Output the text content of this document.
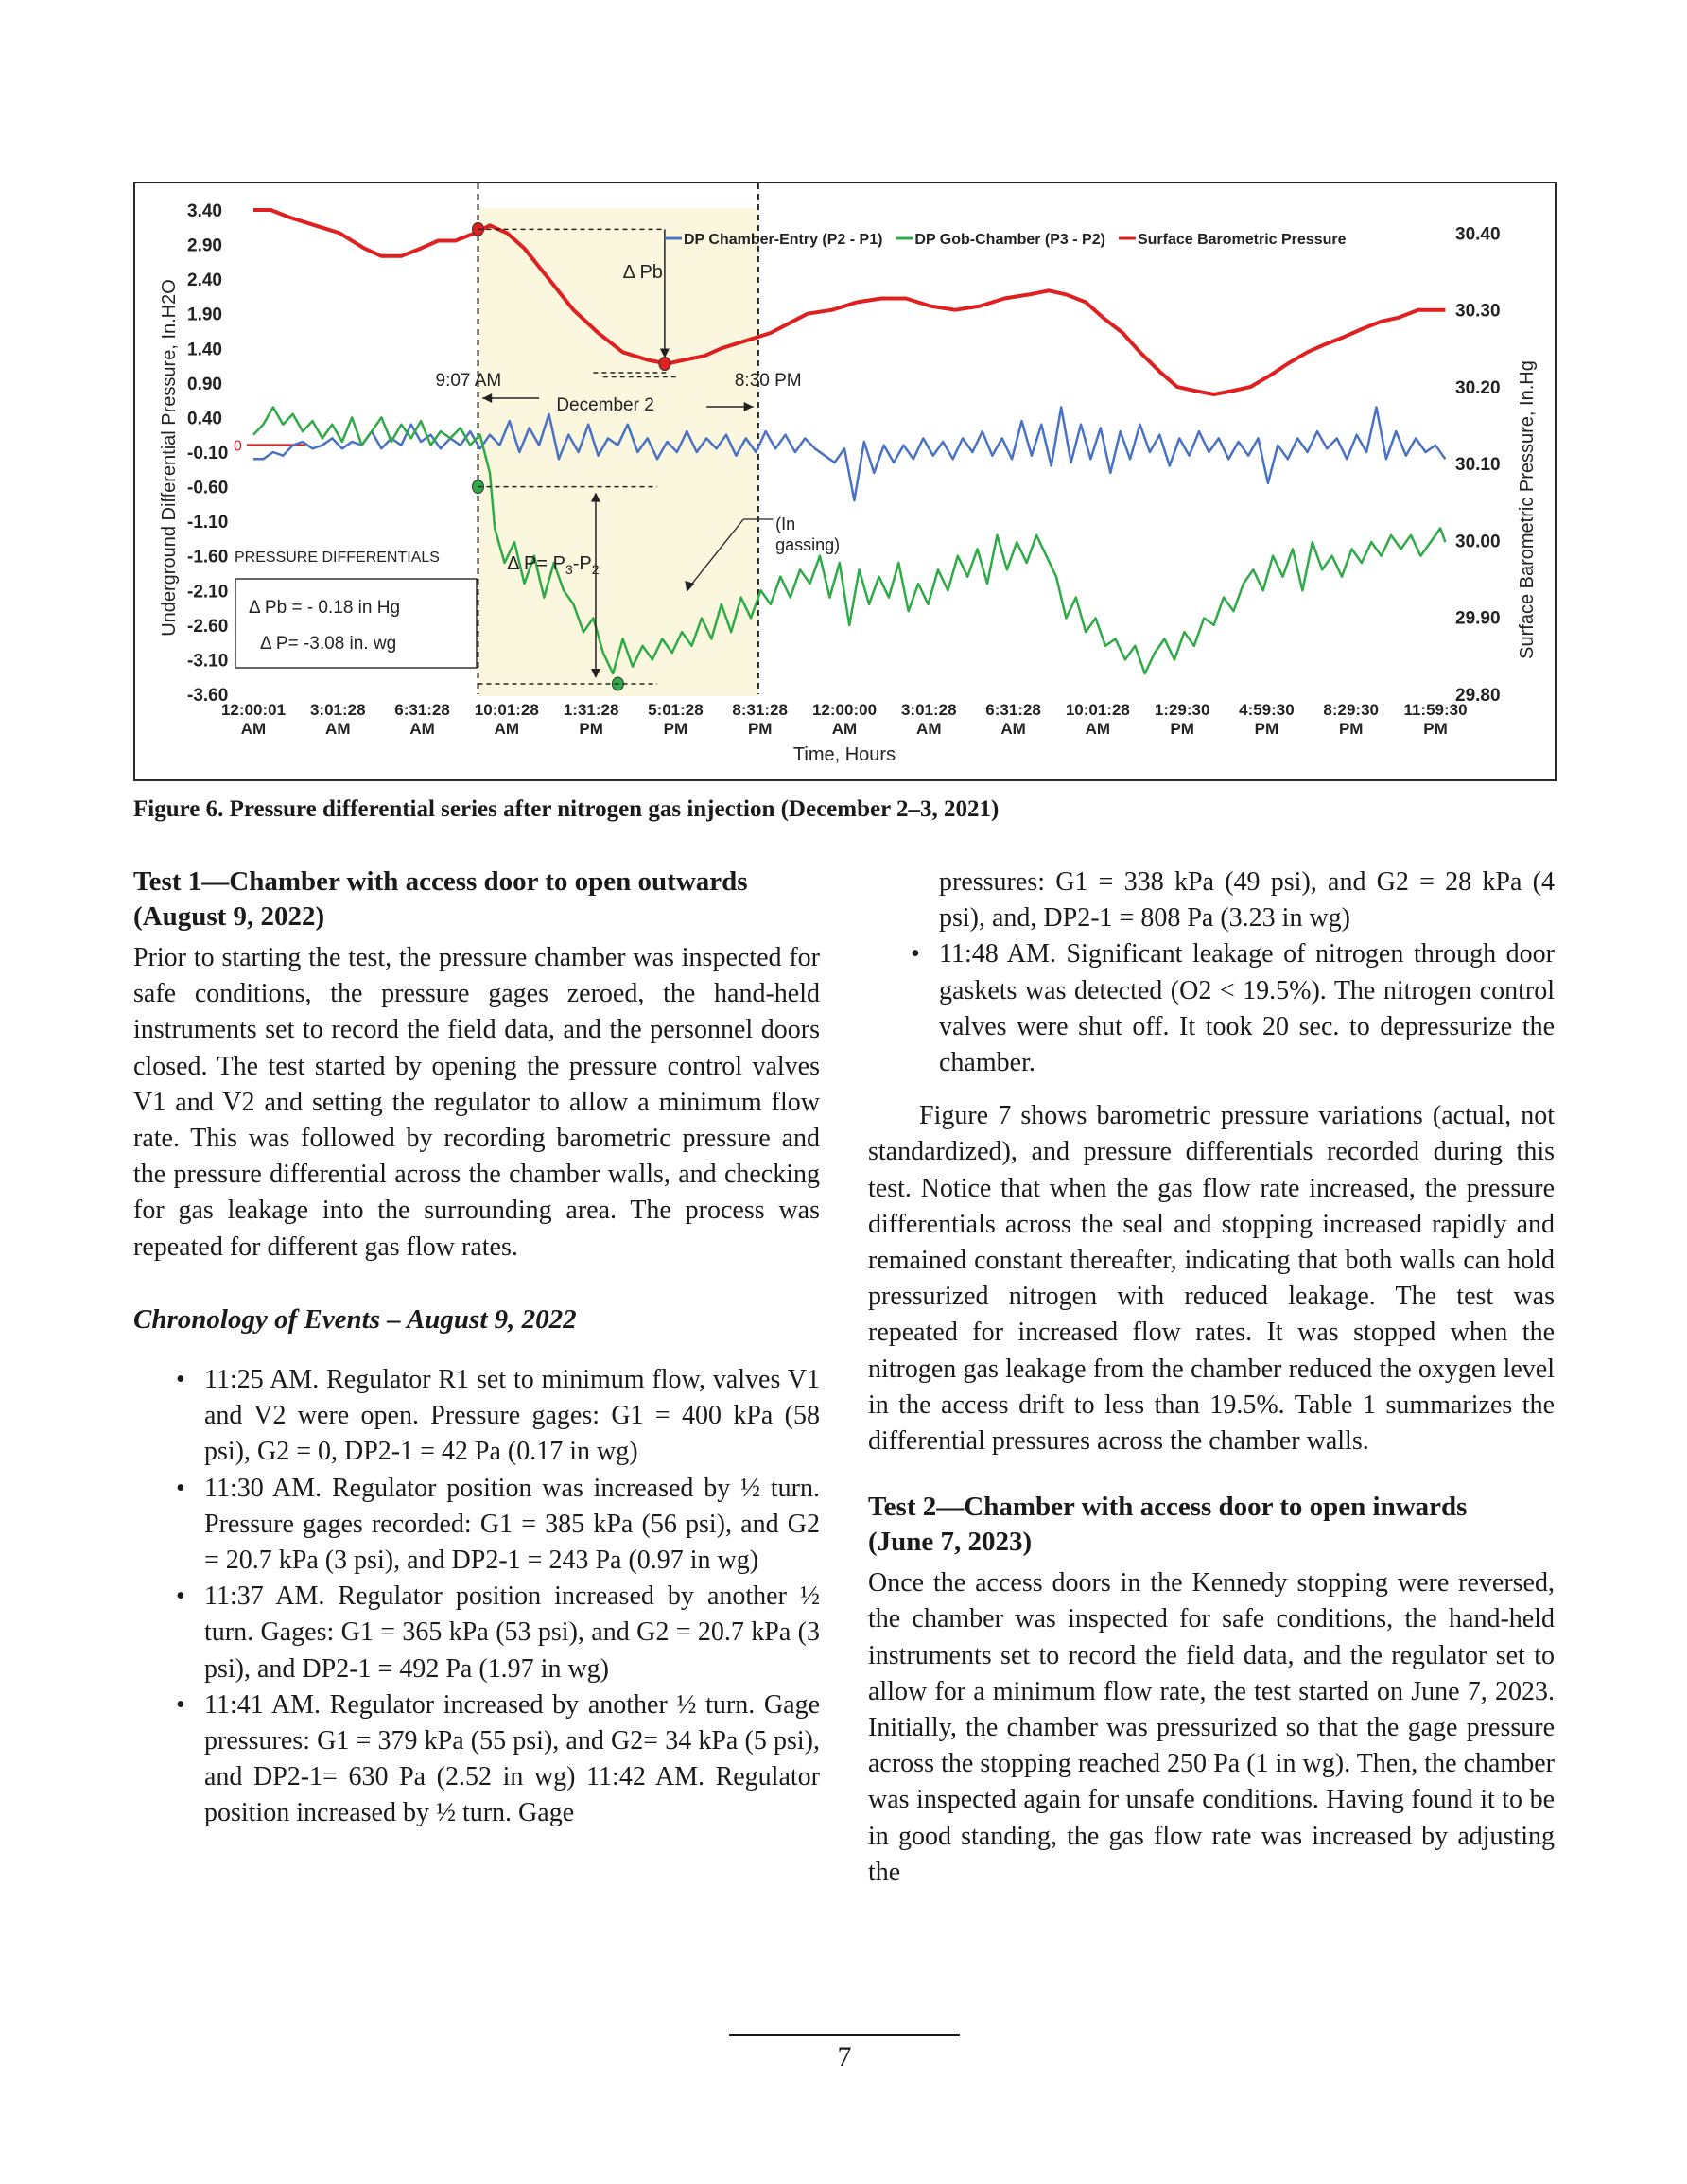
3.40
2.90
2.40
1.90
1.40
0.90
0.40
-0.10
-0.60
-1.10
-1.60
-2.10
-2.60
-3.10
-3.60
30.40
30.30
30.20
30.10
30.00
29.90
29.80
Underground Differential Pressure, In.H2O	Surface Barometric Pressure, In.Hg
12:00:01
AM
3:01:28
AM
6:31:28
AM
10:01:28
AM
1:31:28
PM
5:01:28
PM
8:31:28
PM
12:00:00
AM
3:01:28
AM
6:31:28
AM
10:01:28
AM
1:29:30
PM
4:59:30
PM
8:29:30
PM
11:59:30
PM
Time, Hours
0
Δ Pb
Δ $P= P_3-P_2$
9:07 AM	8:30 PM
December 2
(In
gassing)
PRESSURE DIFFERENTIALS
Δ Pb = - 0.18 in Hg
Δ P= -3.08 in. wg
DP Chamber-Entry (P2 - P1) DP Gob-Chamber (P3 - P2) Surface Barometric Pressure
Figure 6. Pressure differential series after nitrogen gas injection (December 2–3, 2021)
Test 1—Chamber with access door to open outwards
(August 9, 2022)

Prior to starting the test, the pressure chamber was inspected for safe conditions, the pressure gages zeroed, the hand-held instruments set to record the field data, and the personnel doors closed. The test started by opening the pressure control valves V1 and V2 and setting the regulator to allow a minimum flow rate. This was followed by recording barometric pressure and the pressure differential across the chamber walls, and checking for gas leakage into the surrounding area. The process was repeated for different gas flow rates.

Chronology of Events – August 9, 2022
• 11:25 AM. Regulator R1 set to minimum flow, valves V1 and V2 were open. Pressure gages: G1 = 400 kPa (58 psi), G2 = 0, DP2-1 = 42 Pa (0.17 in wg)
• 11:30 AM. Regulator position was increased by ½ turn. Pressure gages recorded: G1 = 385 kPa (56 psi), and G2 = 20.7 kPa (3 psi), and DP2-1 = 243 Pa (0.97 in wg)
• 11:37 AM. Regulator position increased by another ½ turn. Gages: G1 = 365 kPa (53 psi), and G2 = 20.7 kPa (3 psi), and DP2-1 = 492 Pa (1.97 in wg)
• 11:41 AM. Regulator increased by another ½ turn. Gage pressures: G1 = 379 kPa (55 psi), and G2= 34 kPa (5 psi), and DP2-1= 630 Pa (2.52 in wg) 11:42 AM. Regulator position increased by ½ turn. Gage
pressures: G1 = 338 kPa (49 psi), and G2 = 28 kPa (4 psi), and, DP2-1 = 808 Pa (3.23 in wg)
• 11:48 AM. Significant leakage of nitrogen through door gaskets was detected (O2 < 19.5%). The nitrogen control valves were shut off. It took 20 sec. to depressurize the chamber.

Figure 7 shows barometric pressure variations (actual, not standardized), and pressure differentials recorded during this test. Notice that when the gas flow rate increased, the pressure differentials across the seal and stopping increased rapidly and remained constant thereafter, indicating that both walls can hold pressurized nitrogen with reduced leakage. The test was repeated for increased flow rates. It was stopped when the nitrogen gas leakage from the chamber reduced the oxygen level in the access drift to less than 19.5%. Table 1 summarizes the differential pressures across the chamber walls.

Test 2—Chamber with access door to open inwards
(June 7, 2023)

Once the access doors in the Kennedy stopping were reversed, the chamber was inspected for safe conditions, the hand-held instruments set to record the field data, and the regulator set to allow for a minimum flow rate, the test started on June 7, 2023. Initially, the chamber was pressurized so that the gage pressure across the stopping reached 250 Pa (1 in wg). Then, the chamber was inspected again for unsafe conditions. Having found it to be in good standing, the gas flow rate was increased by adjusting the

7
